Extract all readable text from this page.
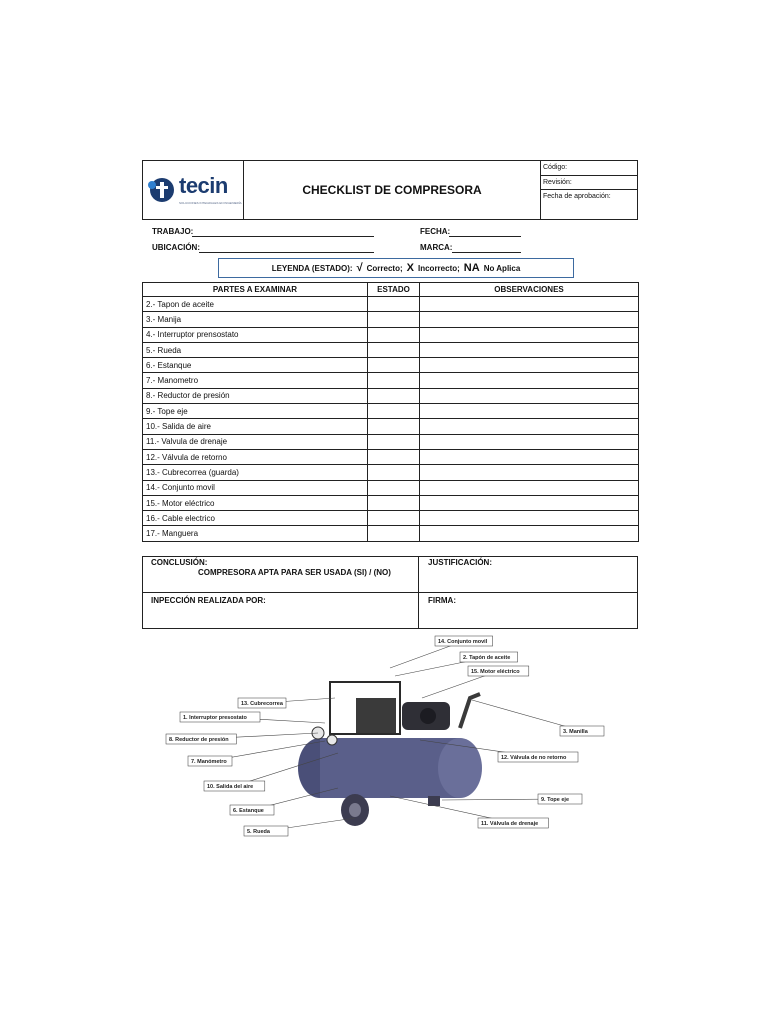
tecin
SOLUCIONES INTEGRALES EN INGENIERÍA
CHECKLIST DE COMPRESORA
Código:
Revisión:
Fecha de aprobación:
TRABAJO:	FECHA:
UBICACIÓN:	MARCA:
LEYENDA (ESTADO): √ Correcto; X Incorrecto; NA No Aplica
PARTES A EXAMINAR	ESTADO	OBSERVACIONES
2.- Tapon de aceite		
3.- Manija		
4.- Interruptor prensostato		
5.- Rueda		
6.- Estanque		
7.- Manometro		
8.- Reductor de presión		
9.- Tope eje		
10.- Salida de aire		
11.- Valvula de drenaje		
12.- Válvula de retorno		
13.- Cubrecorrea (guarda)		
14.- Conjunto movil		
15.- Motor eléctrico		
16.- Cable electrico		
17.- Manguera		
CONCLUSIÓN:
COMPRESORA APTA PARA SER USADA (SI) / (NO)
JUSTIFICACIÓN:
INPECCIÓN REALIZADA POR:	FIRMA:
14. Conjunto movil
2. Tapón de aceite
15. Motor eléctrico
13. Cubrecorrea
1. Interruptor presostato
8. Reductor de presión
7. Manómetro
10. Salida del aire
6. Estanque
5. Rueda
3. Manilla
12. Válvula de no retorno
9. Tope eje
11. Válvula de drenaje
